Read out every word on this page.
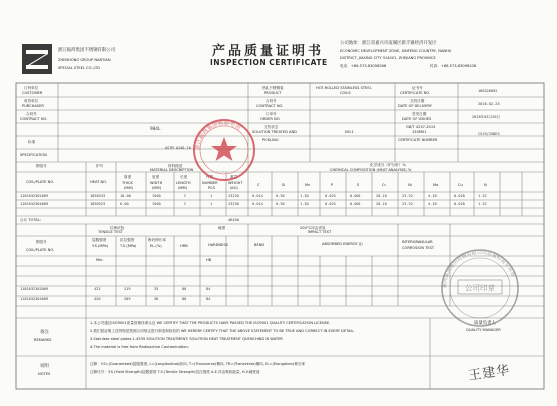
浙江振鸿集团不锈钢有限公司
ZHENHONG GROUP NANTIAN
SPECIAL STEEL CO.,LTD
产品质量证明书
INSPECTION CERTIFICATE
公司地址：浙江省嘉兴市南湖区新丰镇经济开发区
ECONOMIC DEVELOPMENT ZONE, XINFENG COUNTRY, NANHU
DISTRICT, JIAXING CITY 314001, ZHEJIANG PROVINCE
电话：+86-573-83098266	传真：+86-573-83098108
订货单位
CUSTOMER
收货单位
PURCHASER
合同号
CONTRACT NO.
904L
标准
SPECIFICATION
ASTM A240-16
热轧不锈钢卷
PRODUCT
HOT-ROLLED STAINLESS STEEL
COILS
合同号
CONTRACT NO.
订单号
ORDER NO.
交货状态
SOLUTION TREATED AND
PICKLING
NO.1
证书号
CERTIFICATE NO.	180326092
交货日期
DATE OF DELIVERY	2018-02-25
签发日期
DATE OF ISSUES	2018年03月26日
GB/T 4237-2015
150M01
CERTIFICATE NUMBER
CS19/258ES
钢卷号
COIL/PLATE NO.
炉号
HEAT NO.
材料描述
MATERIAL DESCRIPTION
化学成分（炉分析）%
CHEMICAL COMPOSITION (HEAT ANALYSIS) %
厚度
THICK
宽度
WIDTH
长度
LENGTH
件数
NUMBER
重量
WEIGHT
(MM)	(MM)	(MM)	PCS	(KG)
C	Si	Mn	P	S	Cr	Ni	Mo	Cu	N
1181032302009	1850533	10.00	1500	C	1	23220	0.014	0.36	1.30	0.025	0.001	20.10	23.52	4.18	0.028	1.32
1181032304009	1850523	6.00	1500	C	1	23230	0.014	0.36	1.30	0.025	0.001	20.10	23.52	4.18	0.028	1.32
合计 TOTAL:	46450
钢卷号
COIL/PLATE NO.
拉伸试验
TENSILE TEST
硬度
HARDNESS	BEND
200°C冲击试验
IMPACT TEST
ABSORBED ENERGY (J)	INTERGRANULAR
CORROSION TEST
屈服强度
Y.S.(MPa)
抗拉强度
T.S.(MPa)
断后伸长率
EL.(%)	HRB
HB
Min.
1181032302009	423	219	35	80	84
1181032304009	420	209	36	80	84
备注
REMARKS
1.本公司通过ISO9001质量管理体系认证 WE CERTIFY THAT THE PRODUCTS HAVE PASSED THE ISO9001 QUALITY CERTIFICATION LICENSE.
2.我们兹证明上述货物是按照合同规定进行制造和检验的 WE HEREBY CERTIFY THAT THE ABOVE STATEMENT TO BE TRUE AND CORRECT IN EVERY DETAIL.
3.Stainless steel plates 1.4539 SOLUTION TREATMENT: SOLUTION HEAT TREATMENT QUENCHING IN WATER
4.The material is free from Radioactive Contamination.
说明
NOTES
注释：Y.S=(Guaranteed)屈服强度, L=(Longitudinal)纵向, T=(Transverse)横向, TR=(Transverse)横向, EL=(Elongation)伸长率
注释代号：Y.S.(Yield Strength)屈服强度 T.S.(Tensile Strength)抗拉强度 A.E.冲击吸收能量, H.V.硬度值
质量负责人
QUALITY MANAGER
王建华
浙江振鸿集团检验专用
振鸿集团南田特钢有限公司质量检验专用章
公司印章
